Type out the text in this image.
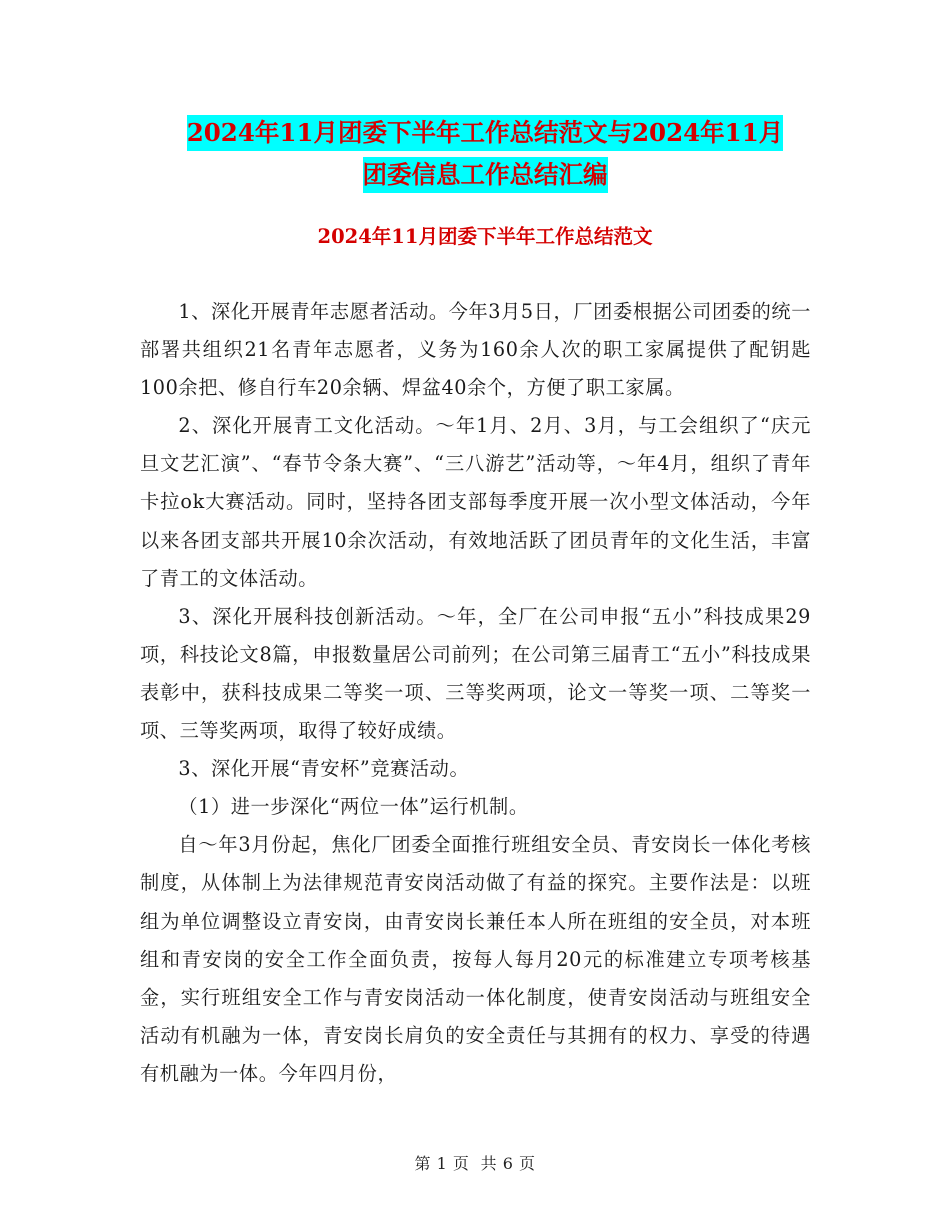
2024年11月团委下半年工作总结范文与2024年11月
团委信息工作总结汇编
2024年11月团委下半年工作总结范文

1、深化开展青年志愿者活动。今年3月5日，厂团委根据公司团委的统一部署共组织21名青年志愿者，义务为160余人次的职工家属提供了配钥匙100余把、修自行车20余辆、焊盆40余个，方便了职工家属。

2、深化开展青工文化活动。～年1月、2月、3月，与工会组织了“庆元旦文艺汇演”、“春节令条大赛”、“三八游艺”活动等，～年4月，组织了青年卡拉ok大赛活动。同时，坚持各团支部每季度开展一次小型文体活动，今年以来各团支部共开展10余次活动，有效地活跃了团员青年的文化生活，丰富了青工的文体活动。

3、深化开展科技创新活动。～年，全厂在公司申报“五小”科技成果29项，科技论文8篇，申报数量居公司前列；在公司第三届青工“五小”科技成果表彰中，获科技成果二等奖一项、三等奖两项，论文一等奖一项、二等奖一项、三等奖两项，取得了较好成绩。

3、深化开展“青安杯”竞赛活动。

（1）进一步深化“两位一体”运行机制。

自～年3月份起，焦化厂团委全面推行班组安全员、青安岗长一体化考核制度，从体制上为法律规范青安岗活动做了有益的探究。主要作法是：以班组为单位调整设立青安岗，由青安岗长兼任本人所在班组的安全员，对本班组和青安岗的安全工作全面负责，按每人每月20元的标准建立专项考核基金，实行班组安全工作与青安岗活动一体化制度，使青安岗活动与班组安全活动有机融为一体，青安岗长肩负的安全责任与其拥有的权力、享受的待遇有机融为一体。今年四月份，

第 1 页  共 6 页
